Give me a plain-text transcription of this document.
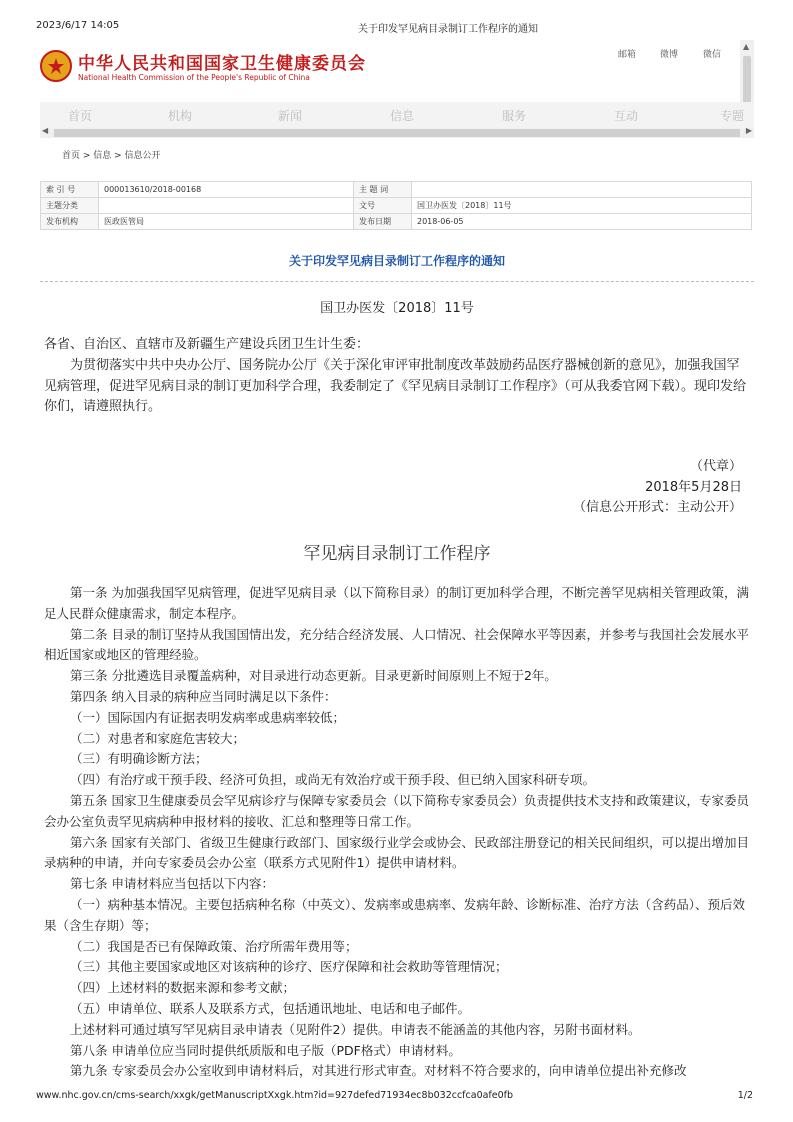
2023/6/17 14:05	关于印发罕见病目录制订工作程序的通知
中华人民共和国国家卫生健康委员会
National Health Commission of the People's Republic of China
邮箱	微博	微信
▲
首页	机构	新闻	信息	服务	互动	专题
◀	▶
首页 > 信息 > 信息公开
索 引 号	000013610/2018-00168	主 题 词	
主题分类		文号	国卫办医发〔2018〕11号
发布机构	医政医管局	发布日期	2018-06-05
关于印发罕见病目录制订工作程序的通知
国卫办医发〔2018〕11号
各省、自治区、直辖市及新疆生产建设兵团卫生计生委：
为贯彻落实中共中央办公厅、国务院办公厅《关于深化审评审批制度改革鼓励药品医疗器械创新的意见》，加强我国罕见病管理，促进罕见病目录的制订更加科学合理，我委制定了《罕见病目录制订工作程序》（可从我委官网下载）。现印发给你们，请遵照执行。
（代章）
2018年5月28日
（信息公开形式：主动公开）
罕见病目录制订工作程序
第一条 为加强我国罕见病管理，促进罕见病目录（以下简称目录）的制订更加科学合理，不断完善罕见病相关管理政策，满足人民群众健康需求，制定本程序。
第二条 目录的制订坚持从我国国情出发，充分结合经济发展、人口情况、社会保障水平等因素，并参考与我国社会发展水平相近国家或地区的管理经验。
第三条 分批遴选目录覆盖病种，对目录进行动态更新。目录更新时间原则上不短于2年。
第四条 纳入目录的病种应当同时满足以下条件：
（一）国际国内有证据表明发病率或患病率较低；
（二）对患者和家庭危害较大；
（三）有明确诊断方法；
（四）有治疗或干预手段、经济可负担，或尚无有效治疗或干预手段、但已纳入国家科研专项。
第五条 国家卫生健康委员会罕见病诊疗与保障专家委员会（以下简称专家委员会）负责提供技术支持和政策建议，专家委员会办公室负责罕见病病种申报材料的接收、汇总和整理等日常工作。
第六条 国家有关部门、省级卫生健康行政部门、国家级行业学会或协会、民政部注册登记的相关民间组织，可以提出增加目录病种的申请，并向专家委员会办公室（联系方式见附件1）提供申请材料。
第七条 申请材料应当包括以下内容：
（一）病种基本情况。主要包括病种名称（中英文）、发病率或患病率、发病年龄、诊断标准、治疗方法（含药品）、预后效果（含生存期）等；
（二）我国是否已有保障政策、治疗所需年费用等；
（三）其他主要国家或地区对该病种的诊疗、医疗保障和社会救助等管理情况；
（四）上述材料的数据来源和参考文献；
（五）申请单位、联系人及联系方式，包括通讯地址、电话和电子邮件。
上述材料可通过填写罕见病目录申请表（见附件2）提供。申请表不能涵盖的其他内容，另附书面材料。
第八条 申请单位应当同时提供纸质版和电子版（PDF格式）申请材料。
第九条 专家委员会办公室收到申请材料后，对其进行形式审查。对材料不符合要求的，向申请单位提出补充修改
www.nhc.gov.cn/cms-search/xxgk/getManuscriptXxgk.htm?id=927defed71934ec8b032ccfca0afe0fb	1/2
